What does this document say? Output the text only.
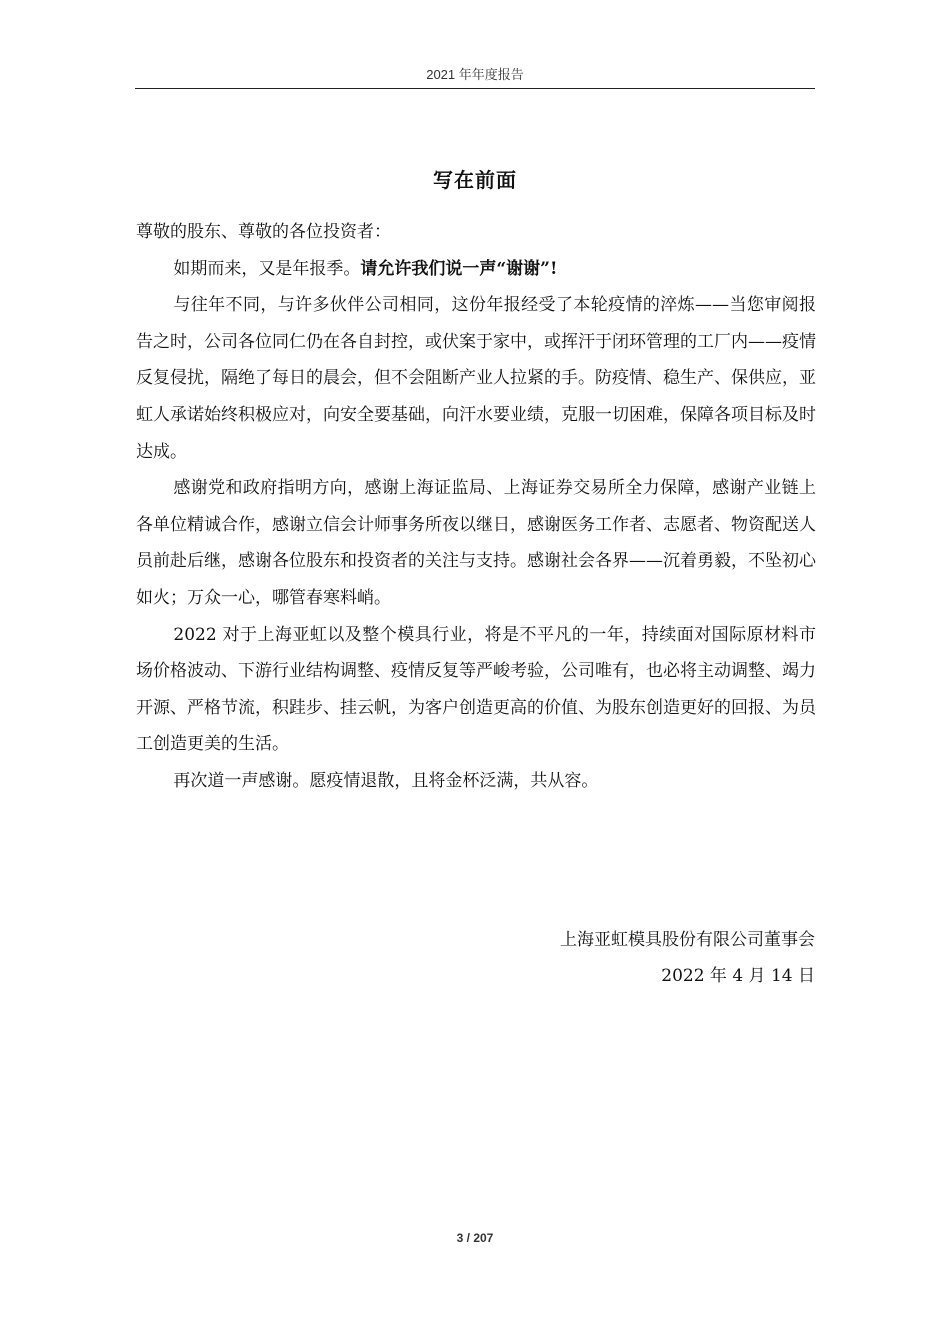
2021 年年度报告
写在前面

尊敬的股东、尊敬的各位投资者：

如期而来，又是年报季。请允许我们说一声“谢谢”!

与往年不同，与许多伙伴公司相同，这份年报经受了本轮疫情的淬炼——当您审阅报告之时，公司各位同仁仍在各自封控，或伏案于家中，或挥汗于闭环管理的工厂内——疫情反复侵扰，隔绝了每日的晨会，但不会阻断产业人拉紧的手。防疫情、稳生产、保供应，亚虹人承诺始终积极应对，向安全要基础，向汗水要业绩，克服一切困难，保障各项目标及时达成。

感谢党和政府指明方向，感谢上海证监局、上海证券交易所全力保障，感谢产业链上各单位精诚合作，感谢立信会计师事务所夜以继日，感谢医务工作者、志愿者、物资配送人员前赴后继，感谢各位股东和投资者的关注与支持。感谢社会各界——沉着勇毅，不坠初心如火；万众一心，哪管春寒料峭。

2022 对于上海亚虹以及整个模具行业，将是不平凡的一年，持续面对国际原材料市场价格波动、下游行业结构调整、疫情反复等严峻考验，公司唯有，也必将主动调整、竭力开源、严格节流，积跬步、挂云帆，为客户创造更高的价值、为股东创造更好的回报、为员工创造更美的生活。

再次道一声感谢。愿疫情退散，且将金杯泛满，共从容。

上海亚虹模具股份有限公司董事会
2022 年 4 月 14 日
3 / 207
